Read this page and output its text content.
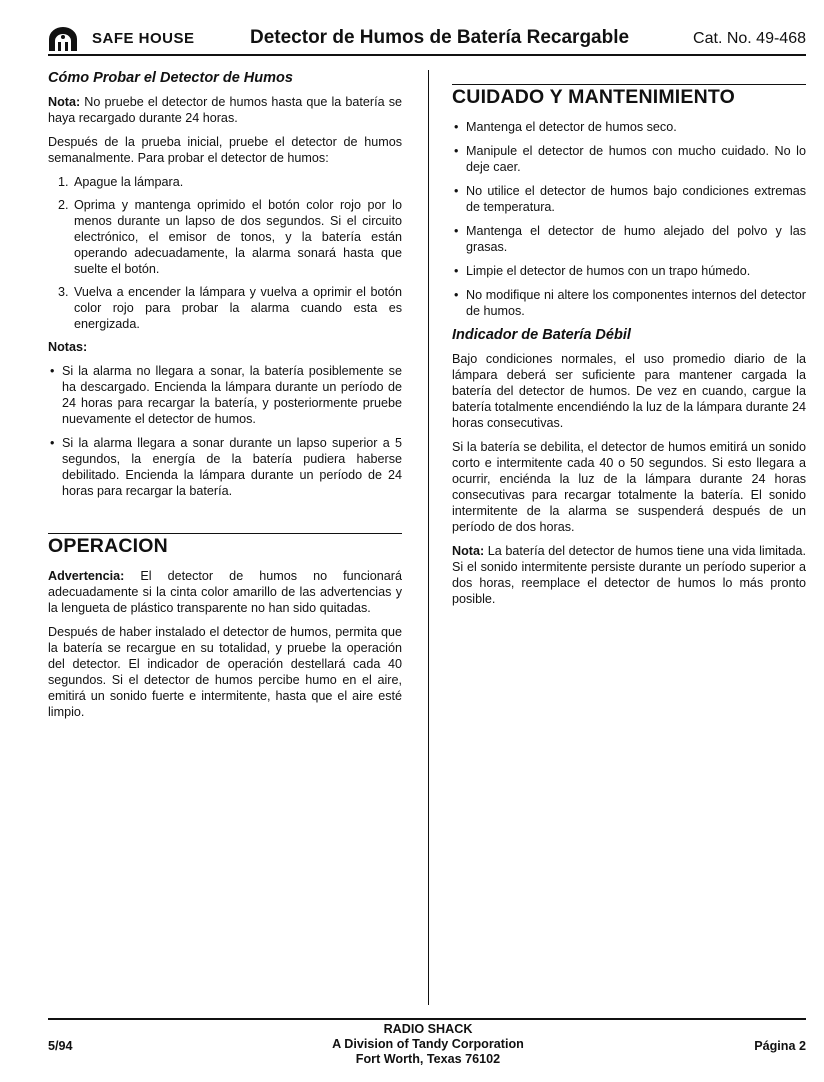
SAFE HOUSE	Detector de Humos de Batería Recargable	Cat. No. 49-468
Cómo Probar el Detector de Humos

Nota: No pruebe el detector de humos hasta que la batería se haya recargado durante 24 horas.

Después de la prueba inicial, pruebe el detector de humos semanalmente. Para probar el detector de humos:

1. Apague la lámpara.
2. Oprima y mantenga oprimido el botón color rojo por lo menos durante un lapso de dos segundos. Si el circuito electrónico, el emisor de tonos, y la batería están operando adecuadamente, la alarma sonará hasta que suelte el botón.
3. Vuelva a encender la lámpara y vuelva a oprimir el botón color rojo para probar la alarma cuando esta es energizada.

Notas:

• Si la alarma no llegara a sonar, la batería posiblemente se ha descargado. Encienda la lámpara durante un período de 24 horas para recargar la batería, y posteriormente pruebe nuevamente el detector de humos.
• Si la alarma llegara a sonar durante un lapso superior a 5 segundos, la energía de la batería pudiera haberse debilitado. Encienda la lámpara durante un período de 24 horas para recargar la batería.
OPERACION

Advertencia: El detector de humos no funcionará adecuadamente si la cinta color amarillo de las advertencias y la lengueta de plástico transparente no han sido quitadas.

Después de haber instalado el detector de humos, permita que la batería se recargue en su totalidad, y pruebe la operación del detector. El indicador de operación destellará cada 40 segundos. Si el detector de humos percibe humo en el aire, emitirá un sonido fuerte e intermitente, hasta que el aire esté limpio.

CUIDADO Y MANTENIMIENTO
• Mantenga el detector de humos seco.
• Manipule el detector de humos con mucho cuidado. No lo deje caer.
• No utilice el detector de humos bajo condiciones extremas de temperatura.
• Mantenga el detector de humo alejado del polvo y las grasas.
• Limpie el detector de humos con un trapo húmedo.
• No modifique ni altere los componentes internos del detector de humos.
Indicador de Batería Débil

Bajo condiciones normales, el uso promedio diario de la lámpara deberá ser suficiente para mantener cargada la batería del detector de humos. De vez en cuando, cargue la batería totalmente encendiéndo la luz de la lámpara durante 24 horas consecutivas.

Si la batería se debilita, el detector de humos emitirá un sonido corto e intermitente cada 40 o 50 segundos. Si esto llegara a ocurrir, enciénda la luz de la lámpara durante 24 horas consecutivas para recargar totalmente la batería. El sonido intermitente de la alarma se suspenderá después de un período de dos horas.

Nota: La batería del detector de humos tiene una vida limitada. Si el sonido intermitente persiste durante un período superior a dos horas, reemplace el detector de humos lo más pronto posible.

5/94
RADIO SHACK
A Division of Tandy Corporation
Fort Worth, Texas 76102
Página 2
